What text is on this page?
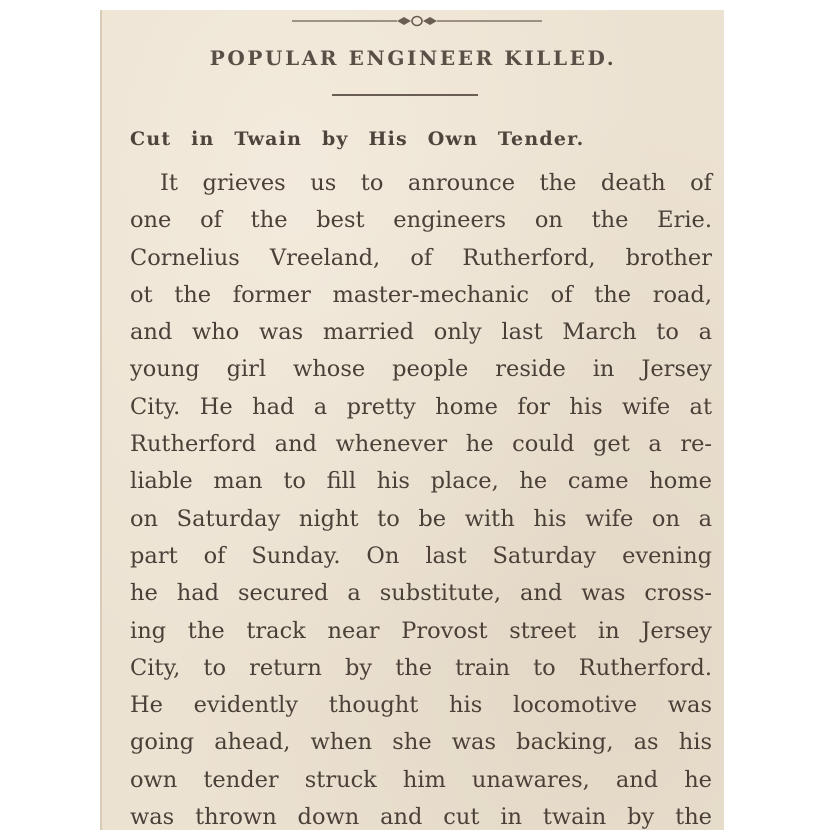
POPULAR ENGINEER KILLED.
Cut in Twain by His Own Tender.
It grieves us to anrounce the death of
one of the best engineers on the Erie.
Cornelius Vreeland, of Rutherford, brother
ot the former master-mechanic of the road,
and who was married only last March to a
young girl whose people reside in Jersey
City. He had a pretty home for his wife at
Rutherford and whenever he could get a re-
liable man to fill his place, he came home
on Saturday night to be with his wife on a
part of Sunday. On last Saturday evening
he had secured a substitute, and was cross-
ing the track near Provost street in Jersey
City, to return by the train to Rutherford.
He evidently thought his locomotive was
going ahead, when she was backing, as his
own tender struck him unawares, and he
was thrown down and cut in twain by the
